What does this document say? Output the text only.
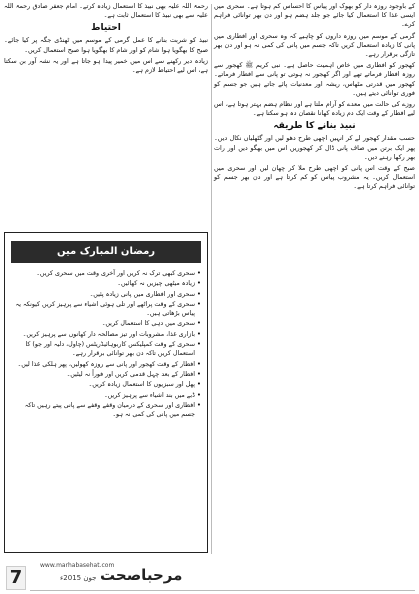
کے باوجود روزہ دار کو بھوک اور پیاس کا احساس کم ہوتا ہے۔ سحری میں ایسی غذا کا استعمال کیا جائے جو جلد ہضم ہو اور دن بھر توانائی فراہم کرے۔

گرمی کے موسم میں روزہ داروں کو چاہیے کہ وہ سحری اور افطاری میں پانی کا زیادہ استعمال کریں تاکہ جسم میں پانی کی کمی نہ ہو اور دن بھر تازگی برقرار رہے۔

کھجور کو افطاری میں خاص اہمیت حاصل ہے۔ نبی کریم ﷺ کھجور سے روزہ افطار فرماتے تھے اور اگر کھجور نہ ہوتی تو پانی سے افطار فرماتے۔ کھجور میں قدرتی مٹھاس، ریشہ اور معدنیات پائے جاتے ہیں جو جسم کو فوری توانائی دیتے ہیں۔

روزے کی حالت میں معدے کو آرام ملتا ہے اور نظام ہضم بہتر ہوتا ہے، اس لیے افطار کے وقت ایک دم زیادہ کھانا نقصان دہ ہو سکتا ہے۔

نبیذ بنانے کا طریقہ

حسب مقدار کھجور لے کر انہیں اچھی طرح دھو لیں اور گٹھلیاں نکال دیں۔ پھر ایک برتن میں صاف پانی ڈال کر کھجوریں اس میں بھگو دیں اور رات بھر رکھا رہنے دیں۔

صبح کے وقت اس پانی کو اچھی طرح ملا کر چھان لیں اور سحری میں استعمال کریں۔ یہ مشروب پیاس کو کم کرتا ہے اور دن بھر جسم کو توانائی فراہم کرتا ہے۔

رحمۃ اللہ علیہ بھی نبیذ کا استعمال زیادہ کرتے۔ امام جعفر صادق رحمۃ اللہ علیہ سے بھی نبیذ کا استعمال ثابت ہے۔

احتیاط

نبیذ کو شربت بنانے کا عمل گرمی کے موسم میں ٹھنڈی جگہ پر کیا جائے۔ صبح کا بھگویا ہوا شام کو اور شام کا بھگویا ہوا صبح استعمال کریں۔

زیادہ دیر رکھنے سے اس میں خمیر پیدا ہو جاتا ہے اور یہ نشہ آور بن سکتا ہے، اس لیے احتیاط لازم ہے۔

رمضان المبارک میں
• سحری کبھی ترک نہ کریں اور آخری وقت میں سحری کریں۔
• زیادہ میٹھی چیزیں نہ کھائیں۔
• سحری اور افطاری میں پانی زیادہ پئیں۔
• سحری کے وقت پراٹھے اور تلی ہوئی اشیاء سے پرہیز کریں کیونکہ یہ پیاس بڑھاتی ہیں۔
• سحری میں دہی کا استعمال کریں۔
• بازاری غذا، مشروبات اور تیز مصالحہ دار کھانوں سے پرہیز کریں۔
• سحری کے وقت کمپلیکس کاربوہائیڈریٹس (چاول، دلیہ اور جو) کا استعمال کریں تاکہ دن بھر توانائی برقرار رہے۔
• افطار کے وقت کھجور اور پانی سے روزہ کھولیں، پھر ہلکی غذا لیں۔
• افطار کے بعد چہل قدمی کریں اور فوراً نہ لیٹیں۔
• پھل اور سبزیوں کا استعمال زیادہ کریں۔
• ڈبے میں بند اشیاء سے پرہیز کریں۔
• افطاری اور سحری کے درمیان وقفے وقفے سے پانی پیتے رہیں تاکہ جسم میں پانی کی کمی نہ ہو۔
7
www.marhabasehat.com
جون 2015ء مرحباصحت
